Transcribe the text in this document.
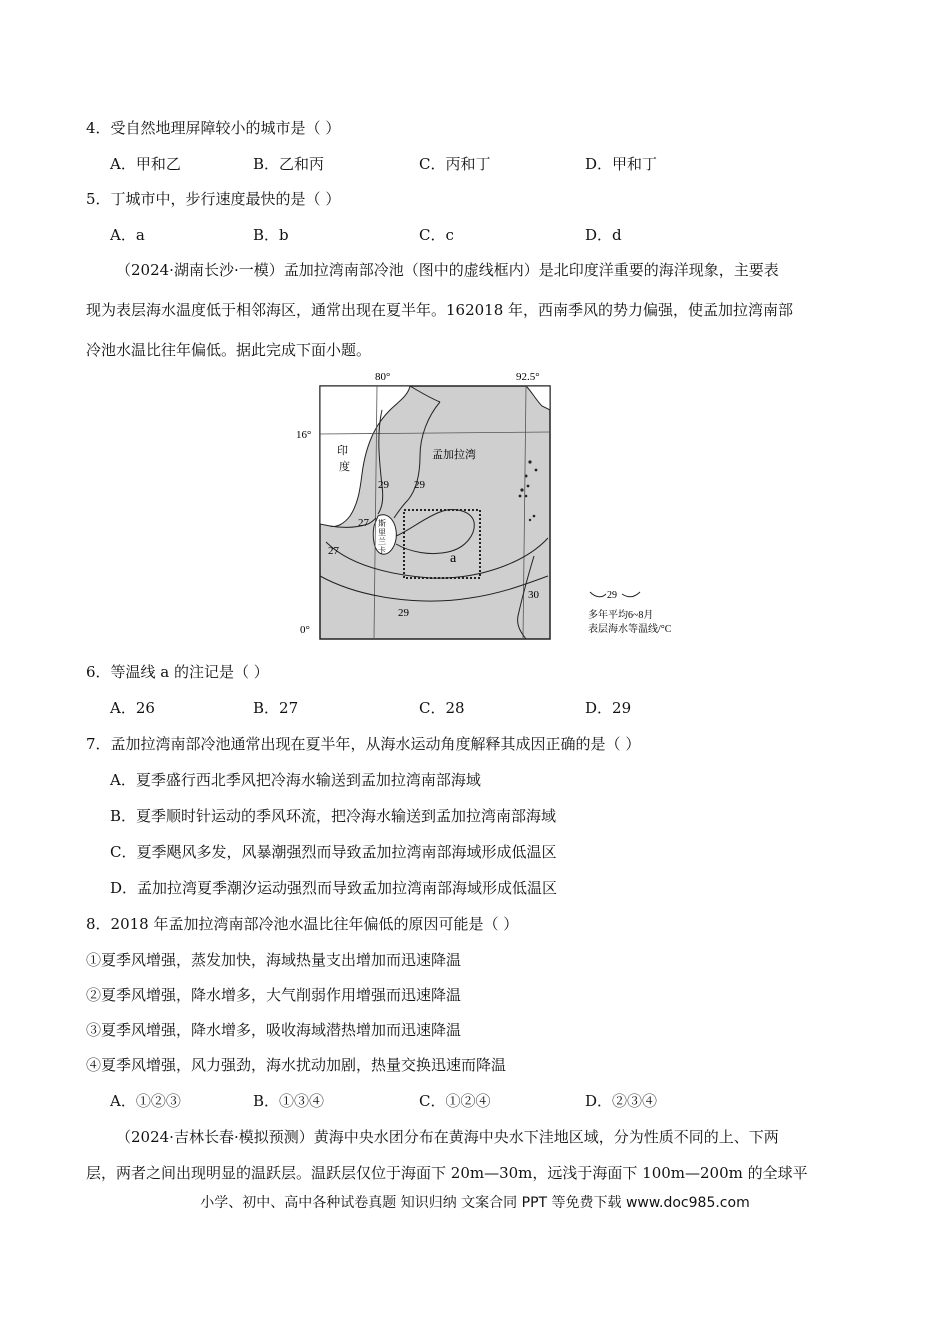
4．受自然地理屏障较小的城市是（ ）
A．甲和乙	B．乙和丙	C．丙和丁	D．甲和丁
5．丁城市中，步行速度最快的是（ ）
A．a	B．b	C．c	D．d
（2024·湖南长沙·一模）孟加拉湾南部冷池（图中的虚线框内）是北印度洋重要的海洋现象，主要表
现为表层海水温度低于相邻海区，通常出现在夏半年。162018 年，西南季风的势力偏强，使孟加拉湾南部
冷池水温比往年偏低。据此完成下面小题。
80°	92.5°
16°
0°
印
度
孟加拉湾
斯
里
兰
卡
29 29
27
27	a
29
30	29
多年平均6~8月
表层海水等温线/°C
6．等温线 a 的注记是（ ）
A．26	B．27	C．28	D．29
7．孟加拉湾南部冷池通常出现在夏半年，从海水运动角度解释其成因正确的是（ ）
A．夏季盛行西北季风把冷海水输送到孟加拉湾南部海域
B．夏季顺时针运动的季风环流，把冷海水输送到孟加拉湾南部海域
C．夏季飓风多发，风暴潮强烈而导致孟加拉湾南部海域形成低温区
D．孟加拉湾夏季潮汐运动强烈而导致孟加拉湾南部海域形成低温区
8．2018 年孟加拉湾南部冷池水温比往年偏低的原因可能是（ ）
①夏季风增强，蒸发加快，海域热量支出增加而迅速降温
②夏季风增强，降水增多，大气削弱作用增强而迅速降温
③夏季风增强，降水增多，吸收海域潜热增加而迅速降温
④夏季风增强，风力强劲，海水扰动加剧，热量交换迅速而降温
A．①②③	B．①③④	C．①②④	D．②③④
（2024·吉林长春·模拟预测）黄海中央水团分布在黄海中央水下洼地区域，分为性质不同的上、下两
层，两者之间出现明显的温跃层。温跃层仅位于海面下 20m—30m，远浅于海面下 100m—200m 的全球平
小学、初中、高中各种试卷真题 知识归纳 文案合同 PPT 等免费下载 www.doc985.com
